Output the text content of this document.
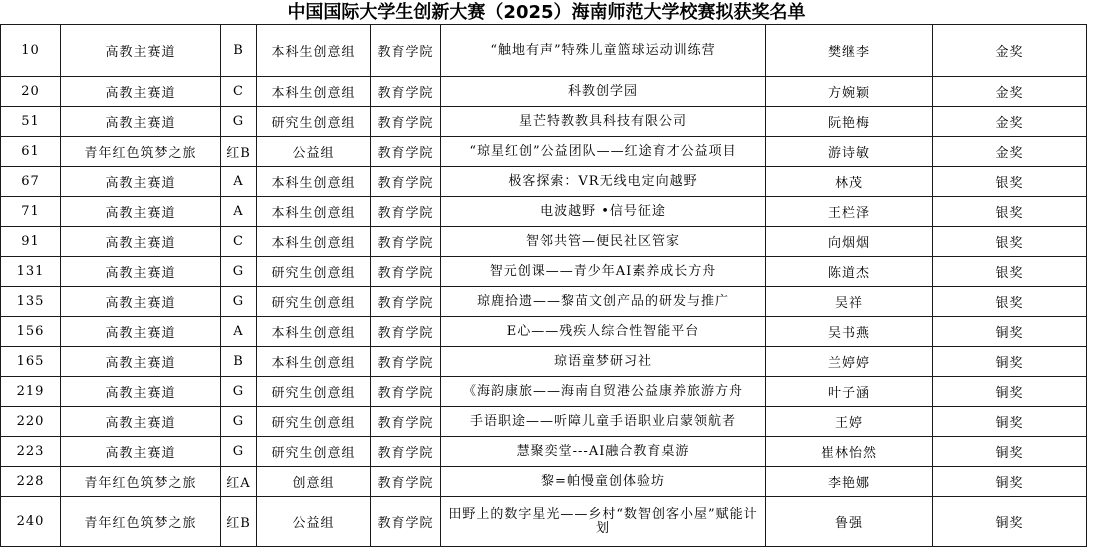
中国国际大学生创新大赛（2025）海南师范大学校赛拟获奖名单
10	高教主赛道	B	本科生创意组	教育学院	“触地有声”特殊儿童篮球运动训练营	樊继李	金奖
20	高教主赛道	C	本科生创意组	教育学院	科教创学园	方婉颖	金奖
51	高教主赛道	G	研究生创意组	教育学院	星芒特教教具科技有限公司	阮艳梅	金奖
61	青年红色筑梦之旅	红B	公益组	教育学院	“琼星红创”公益团队——红途育才公益项目	游诗敏	金奖
67	高教主赛道	A	本科生创意组	教育学院	极客探索：VR无线电定向越野	林茂	银奖
71	高教主赛道	A	本科生创意组	教育学院	电波越野 •信号征途	王栏泽	银奖
91	高教主赛道	C	本科生创意组	教育学院	智邻共管—便民社区管家	向烟烟	银奖
131	高教主赛道	G	研究生创意组	教育学院	智元创课——青少年AI素养成长方舟	陈道杰	银奖
135	高教主赛道	G	研究生创意组	教育学院	琼鹿拾遗——黎苗文创产品的研发与推广	吴祥	银奖
156	高教主赛道	A	本科生创意组	教育学院	E心——残疾人综合性智能平台	吴书燕	铜奖
165	高教主赛道	B	本科生创意组	教育学院	琼语童梦研习社	兰婷婷	铜奖
219	高教主赛道	G	研究生创意组	教育学院	《海韵康旅——海南自贸港公益康养旅游方舟	叶子涵	铜奖
220	高教主赛道	G	研究生创意组	教育学院	手语职途——听障儿童手语职业启蒙领航者	王婷	铜奖
223	高教主赛道	G	研究生创意组	教育学院	慧聚奕堂---AI融合教育桌游	崔林怡然	铜奖
228	青年红色筑梦之旅	红A	创意组	教育学院	黎=帕慢童创体验坊	李艳娜	铜奖
240	青年红色筑梦之旅	红B	公益组	教育学院	田野上的数字星光——乡村“数智创客小屋”赋能计划	鲁强	铜奖
